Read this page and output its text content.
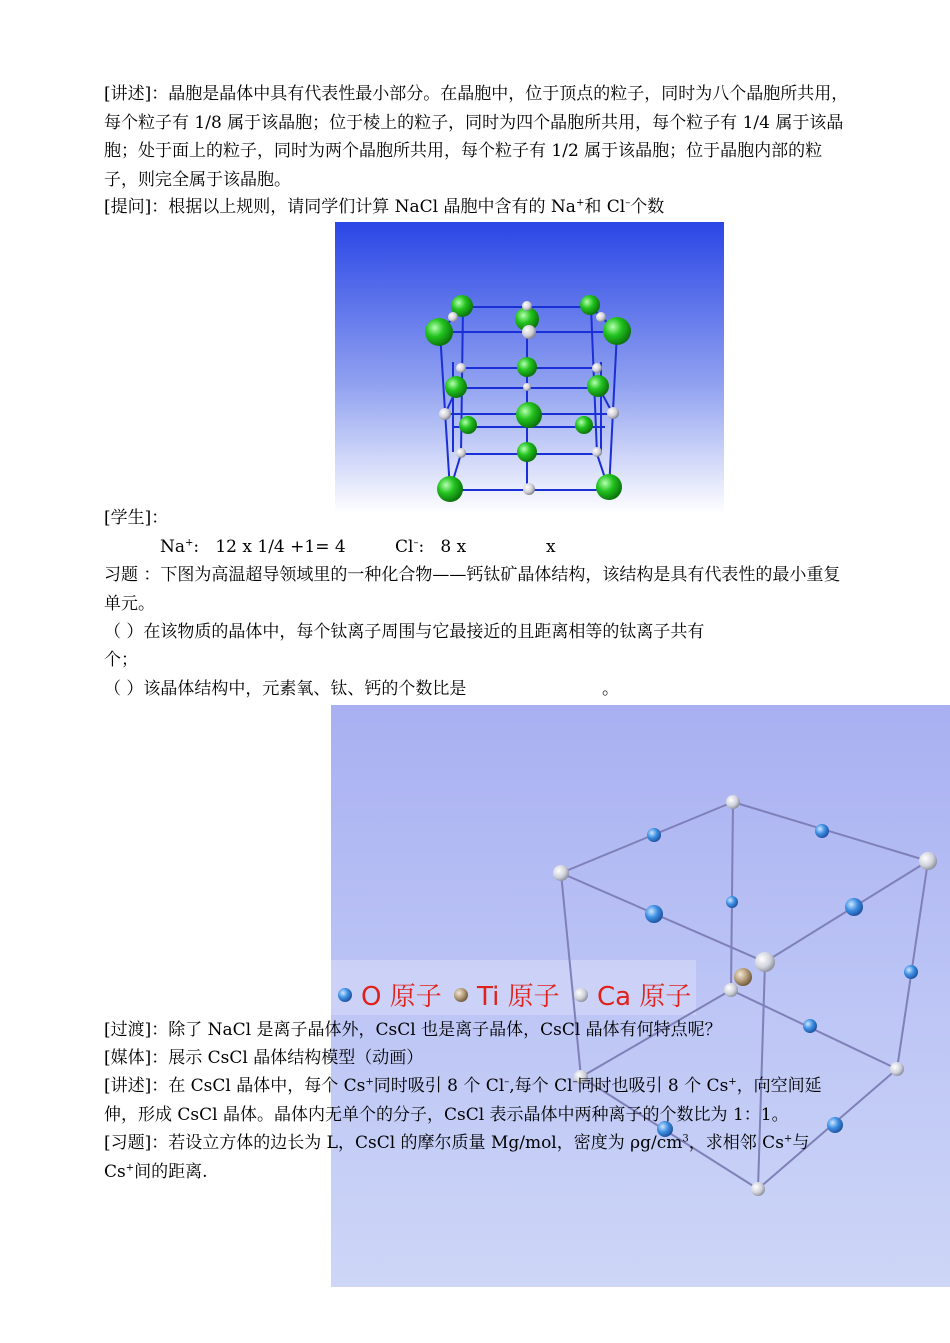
[讲述]：晶胞是晶体中具有代表性最小部分。在晶胞中，位于顶点的粒子，同时为八个晶胞所共用，每个粒子有 1/8 属于该晶胞；位于棱上的粒子，同时为四个晶胞所共用，每个粒子有 1/4 属于该晶胞；处于面上的粒子，同时为两个晶胞所共用，每个粒子有 1/2 属于该晶胞；位于晶胞内部的粒子，则完全属于该晶胞。
[提问]：根据以上规则，请同学们计算 NaCl 晶胞中含有的 Na+和 Cl–个数
[学生]：
Na+:   12 x 1/4 +1= 4	Cl–:   8 x	x
习题 ：下图为高温超导领域里的一种化合物——钙钛矿晶体结构，该结构是具有代表性的最小重复单元。
（ ）在该物质的晶体中，每个钛离子周围与它最接近的且距离相等的钛离子共有
个；
（ ）该晶体结构中，元素氧、钛、钙的个数比是	。
O 原子 Ti 原子 Ca 原子
[过渡]：除了 NaCl 是离子晶体外，CsCl 也是离子晶体，CsCl 晶体有何特点呢？
[媒体]：展示 CsCl 晶体结构模型（动画）
[讲述]：在 CsCl 晶体中，每个 Cs+同时吸引 8 个 Cl–,每个 Cl–同时也吸引 8 个 Cs+，向空间延伸，形成 CsCl 晶体。晶体内无单个的分子，CsCl 表示晶体中两种离子的个数比为 1：1。
[习题]：若设立方体的边长为 L，CsCl 的摩尔质量 Mg/mol，密度为 $\rho g/cm^3$，求相邻 Cs+与 Cs+间的距离.
